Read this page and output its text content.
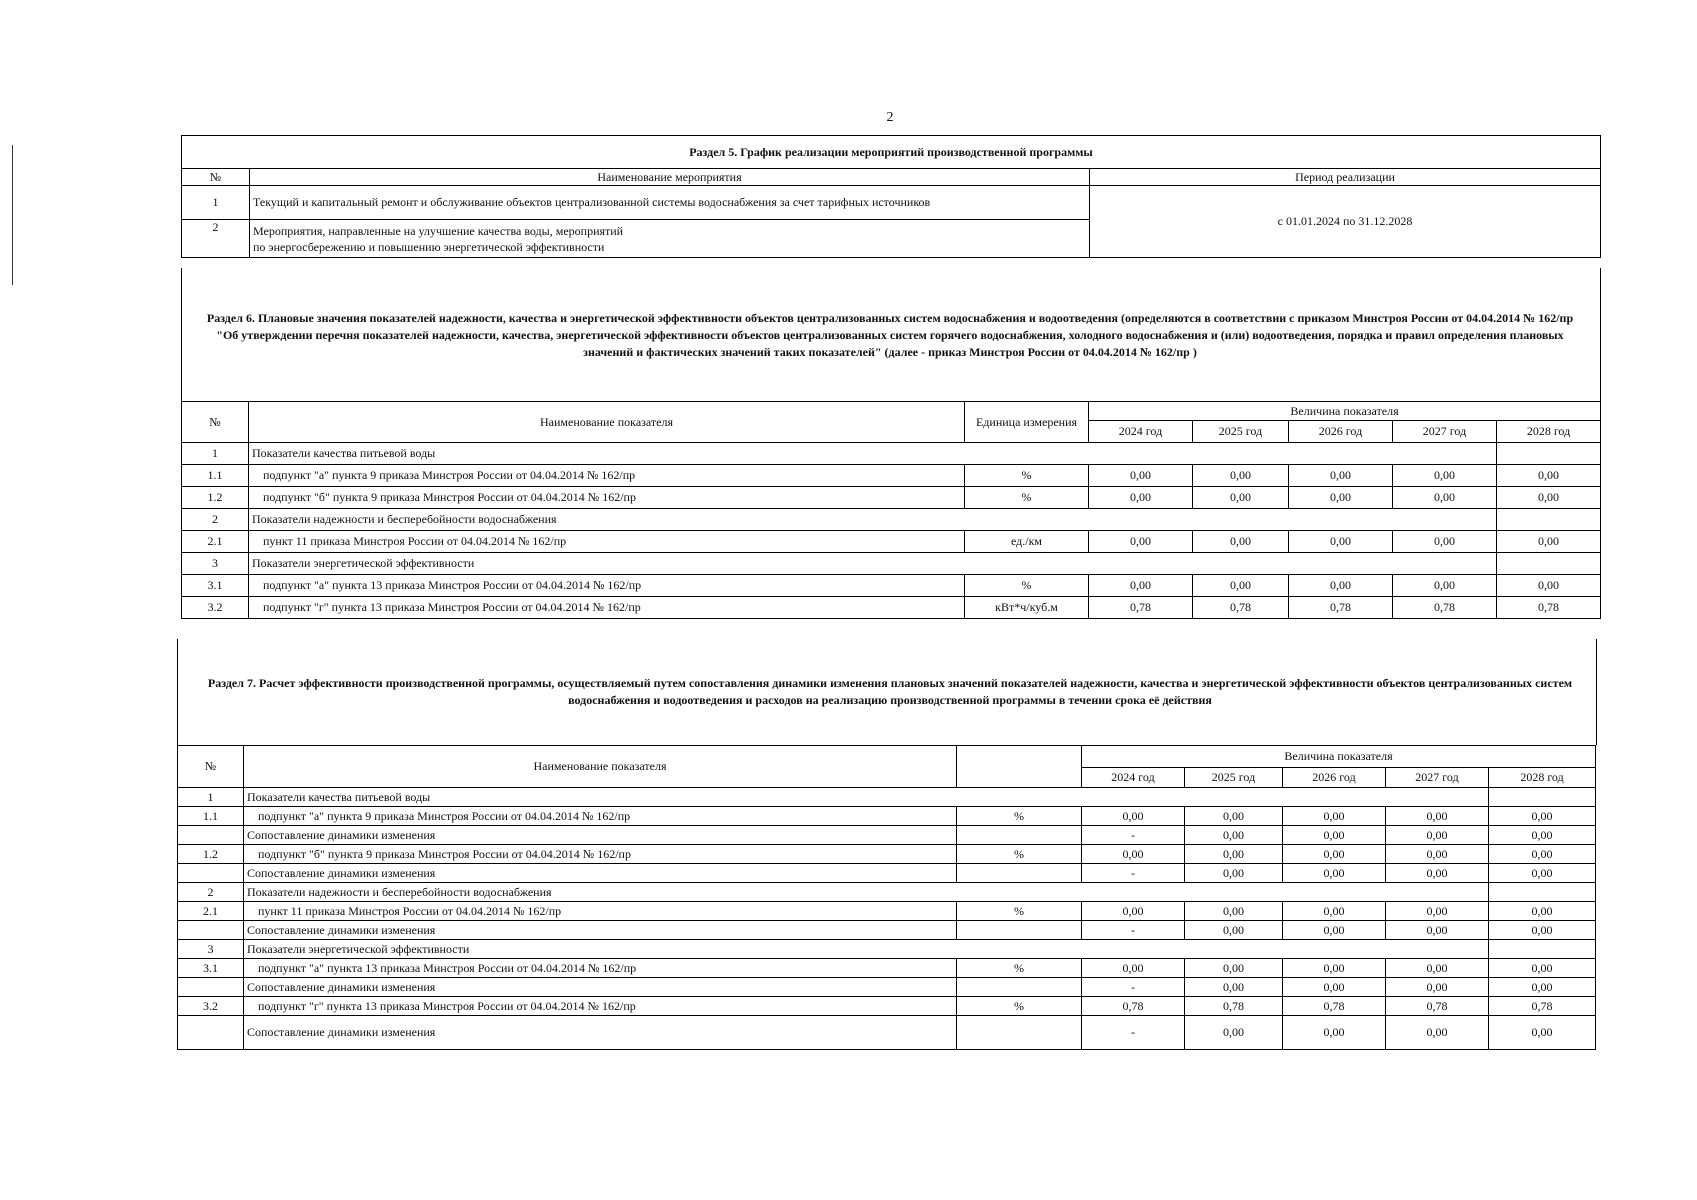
2
Раздел 5. График реализации мероприятий производственной программы		
№	Наименование мероприятия	Период реализации
1	Текущий и капитальный ремонт и обслуживание объектов централизованной системы водоснабжения за счет тарифных источников	с 01.01.2024 по 31.12.2028
2	Мероприятия, направленные на улучшение качества воды, мероприятий
по энергосбережению и повышению энергетической эффективности	
Раздел 6. Плановые значения показателей надежности, качества и энергетической эффективности объектов централизованных систем водоснабжения и водоотведения (определяются в соответствии с приказом Минстроя России от 04.04.2014 № 162/пр "Об утверждении перечня показателей надежности, качества, энергетической эффективности объектов централизованных систем горячего водоснабжения, холодного водоснабжения и (или) водоотведения, порядка и правил определения плановых значений и фактических значений таких показателей" (далее - приказ Минстроя России от 04.04.2014 № 162/пр )
№	Наименование показателя	Единица измерения	Величина показателя				
			2024 год	2025 год	2026 год	2027 год	2028 год
1	Показатели качества питьевой воды						
1.1	подпункт "а" пункта 9 приказа Минстроя России от 04.04.2014 № 162/пр	%	0,00	0,00	0,00	0,00	0,00
1.2	подпункт "б" пункта 9 приказа Минстроя России от 04.04.2014 № 162/пр	%	0,00	0,00	0,00	0,00	0,00
2	Показатели надежности и бесперебойности водоснабжения						
2.1	пункт 11 приказа Минстроя России от 04.04.2014 № 162/пр	ед./км	0,00	0,00	0,00	0,00	0,00
3	Показатели энергетической эффективности						
3.1	подпункт "а" пункта 13 приказа Минстроя России от 04.04.2014 № 162/пр	%	0,00	0,00	0,00	0,00	0,00
3.2	подпункт "г" пункта 13 приказа Минстроя России от 04.04.2014 № 162/пр	кВт*ч/куб.м	0,78	0,78	0,78	0,78	0,78
Раздел 7. Расчет эффективности производственной программы, осуществляемый путем сопоставления динамики изменения плановых значений показателей надежности, качества и энергетической эффективности объектов централизованных систем водоснабжения и водоотведения и расходов на реализацию производственной программы в течении срока её действия
№	Наименование показателя		Величина показателя				
			2024 год	2025 год	2026 год	2027 год	2028 год
1	Показатели качества питьевой воды						
1.1	подпункт "а" пункта 9 приказа Минстроя России от 04.04.2014 № 162/пр	%	0,00	0,00	0,00	0,00	0,00
	Сопоставление динамики изменения		-	0,00	0,00	0,00	0,00
1.2	подпункт "б" пункта 9 приказа Минстроя России от 04.04.2014 № 162/пр	%	0,00	0,00	0,00	0,00	0,00
	Сопоставление динамики изменения		-	0,00	0,00	0,00	0,00
2	Показатели надежности и бесперебойности водоснабжения						
2.1	пункт 11 приказа Минстроя России от 04.04.2014 № 162/пр	%	0,00	0,00	0,00	0,00	0,00
	Сопоставление динамики изменения		-	0,00	0,00	0,00	0,00
3	Показатели энергетической эффективности						
3.1	подпункт "а" пункта 13 приказа Минстроя России от 04.04.2014 № 162/пр	%	0,00	0,00	0,00	0,00	0,00
	Сопоставление динамики изменения		-	0,00	0,00	0,00	0,00
3.2	подпункт "г" пункта 13 приказа Минстроя России от 04.04.2014 № 162/пр	%	0,78	0,78	0,78	0,78	0,78
	Сопоставление динамики изменения		-	0,00	0,00	0,00	0,00
